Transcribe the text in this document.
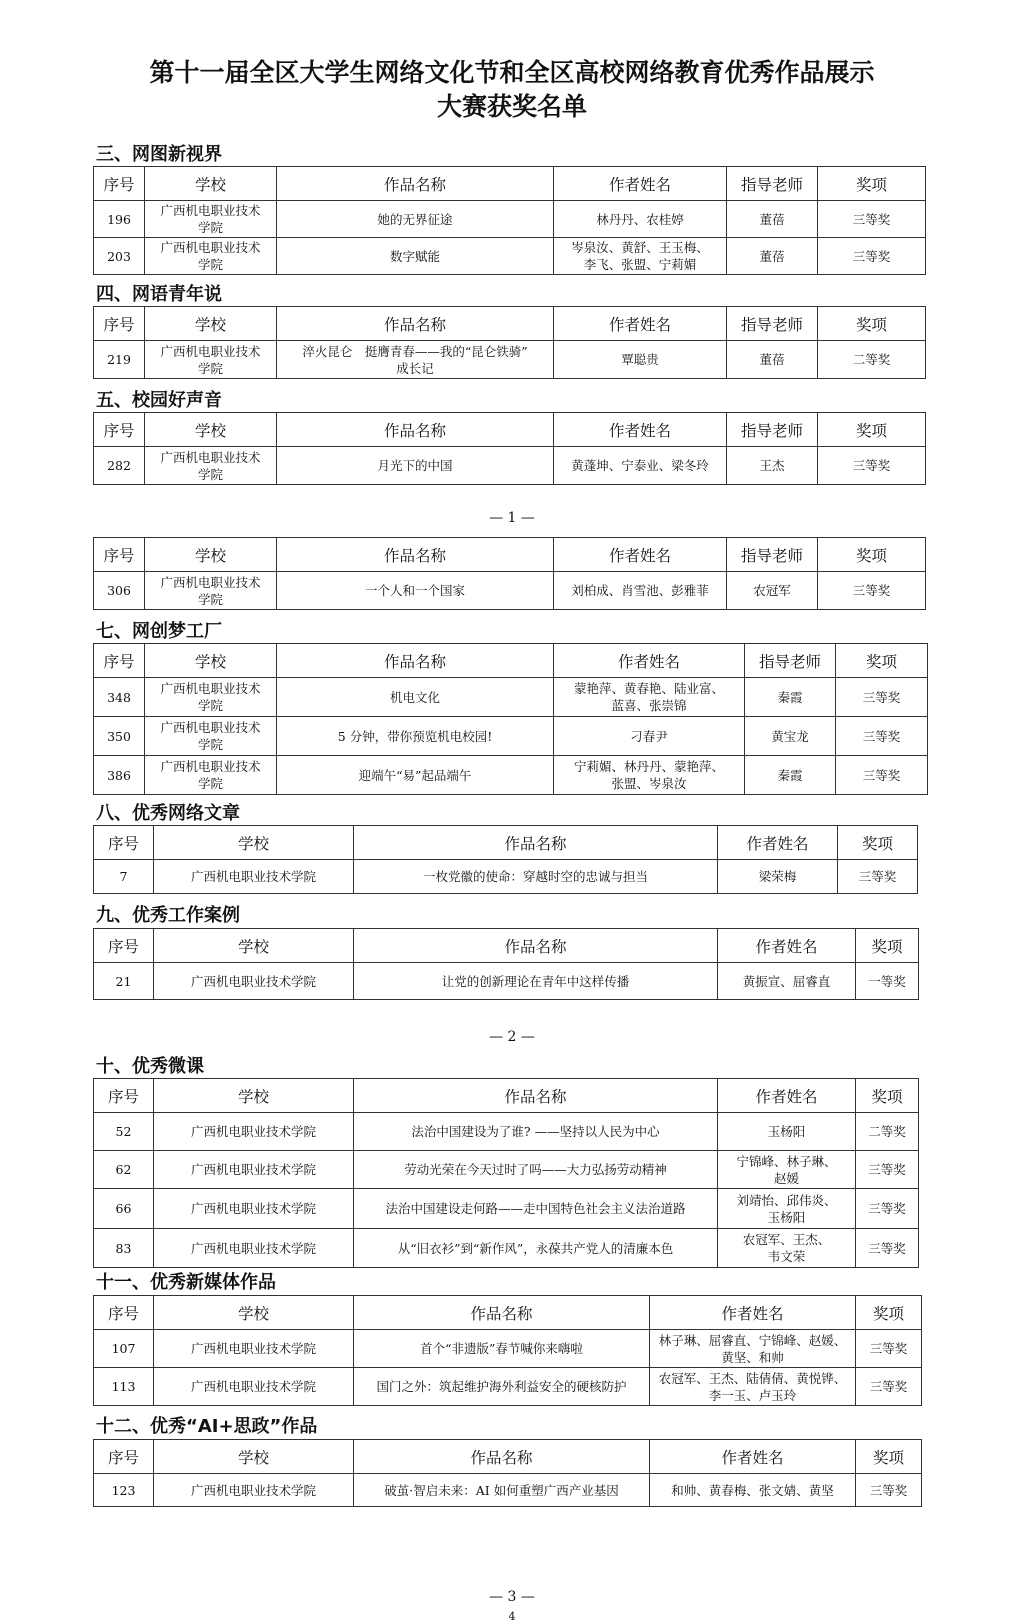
第十一届全区大学生网络文化节和全区高校网络教育优秀作品展示
大赛获奖名单
三、网图新视界
序号	学校	作品名称	作者姓名	指导老师	奖项
196	广西机电职业技术
学院	她的无界征途	林丹丹、农桂婷	董蓓	三等奖
203	广西机电职业技术
学院	数字赋能	岑泉汝、黄舒、王玉梅、
李飞、张盟、宁莉媚	董蓓	三等奖
四、网语青年说
序号	学校	作品名称	作者姓名	指导老师	奖项
219	广西机电职业技术
学院	淬火昆仑　挺膺青春——我的“昆仑铁骑”
成长记	覃聪贵	董蓓	二等奖
五、校园好声音
序号	学校	作品名称	作者姓名	指导老师	奖项
282	广西机电职业技术
学院	月光下的中国	黄蓬坤、宁泰业、梁冬玲	王杰	三等奖
序号	学校	作品名称	作者姓名	指导老师	奖项
306	广西机电职业技术
学院	一个人和一个国家	刘柏成、肖雪池、彭雅菲	农冠军	三等奖
七、网创梦工厂
序号	学校	作品名称	作者姓名	指导老师	奖项
348	广西机电职业技术
学院	机电文化	蒙艳萍、黄春艳、陆业富、
蓝喜、张崇锦	秦霞	三等奖
350	广西机电职业技术
学院	5 分钟，带你预览机电校园!	刁春尹	黄宝龙	三等奖
386	广西机电职业技术
学院	迎端午“易”起品端午	宁莉媚、林丹丹、蒙艳萍、
张盟、岑泉汝	秦霞	三等奖
八、优秀网络文章
序号	学校	作品名称	作者姓名	奖项
7	广西机电职业技术学院	一枚党徽的使命：穿越时空的忠诚与担当	梁荣梅	三等奖
九、优秀工作案例
序号	学校	作品名称	作者姓名	奖项
21	广西机电职业技术学院	让党的创新理论在青年中这样传播	黄振宣、屈睿直	一等奖
十、优秀微课
序号	学校	作品名称	作者姓名	奖项
52	广西机电职业技术学院	法治中国建设为了谁? ——坚持以人民为中心	玉杨阳	二等奖
62	广西机电职业技术学院	劳动光荣在今天过时了吗——大力弘扬劳动精神	宁锦峰、林子琳、
赵媛	三等奖
66	广西机电职业技术学院	法治中国建设走何路——走中国特色社会主义法治道路	刘靖怡、邱伟炎、
玉杨阳	三等奖
83	广西机电职业技术学院	从“旧衣衫”到“新作风”，永葆共产党人的清廉本色	农冠军、王杰、
韦文荣	三等奖
十一、优秀新媒体作品
序号	学校	作品名称	作者姓名	奖项
107	广西机电职业技术学院	首个“非遗版”春节喊你来嗨啦	林子琳、屈睿直、宁锦峰、赵媛、
黄坚、和帅	三等奖
113	广西机电职业技术学院	国门之外：筑起维护海外利益安全的硬核防护	农冠军、王杰、陆倩倩、黄悦铧、
李一玉、卢玉玲	三等奖
十二、优秀“AI+思政”作品
序号	学校	作品名称	作者姓名	奖项
123	广西机电职业技术学院	破茧·智启未来：AI 如何重塑广西产业基因	和帅、黄春梅、张文婧、黄坚	三等奖
— 1 —
— 2 —
— 3 —
4
